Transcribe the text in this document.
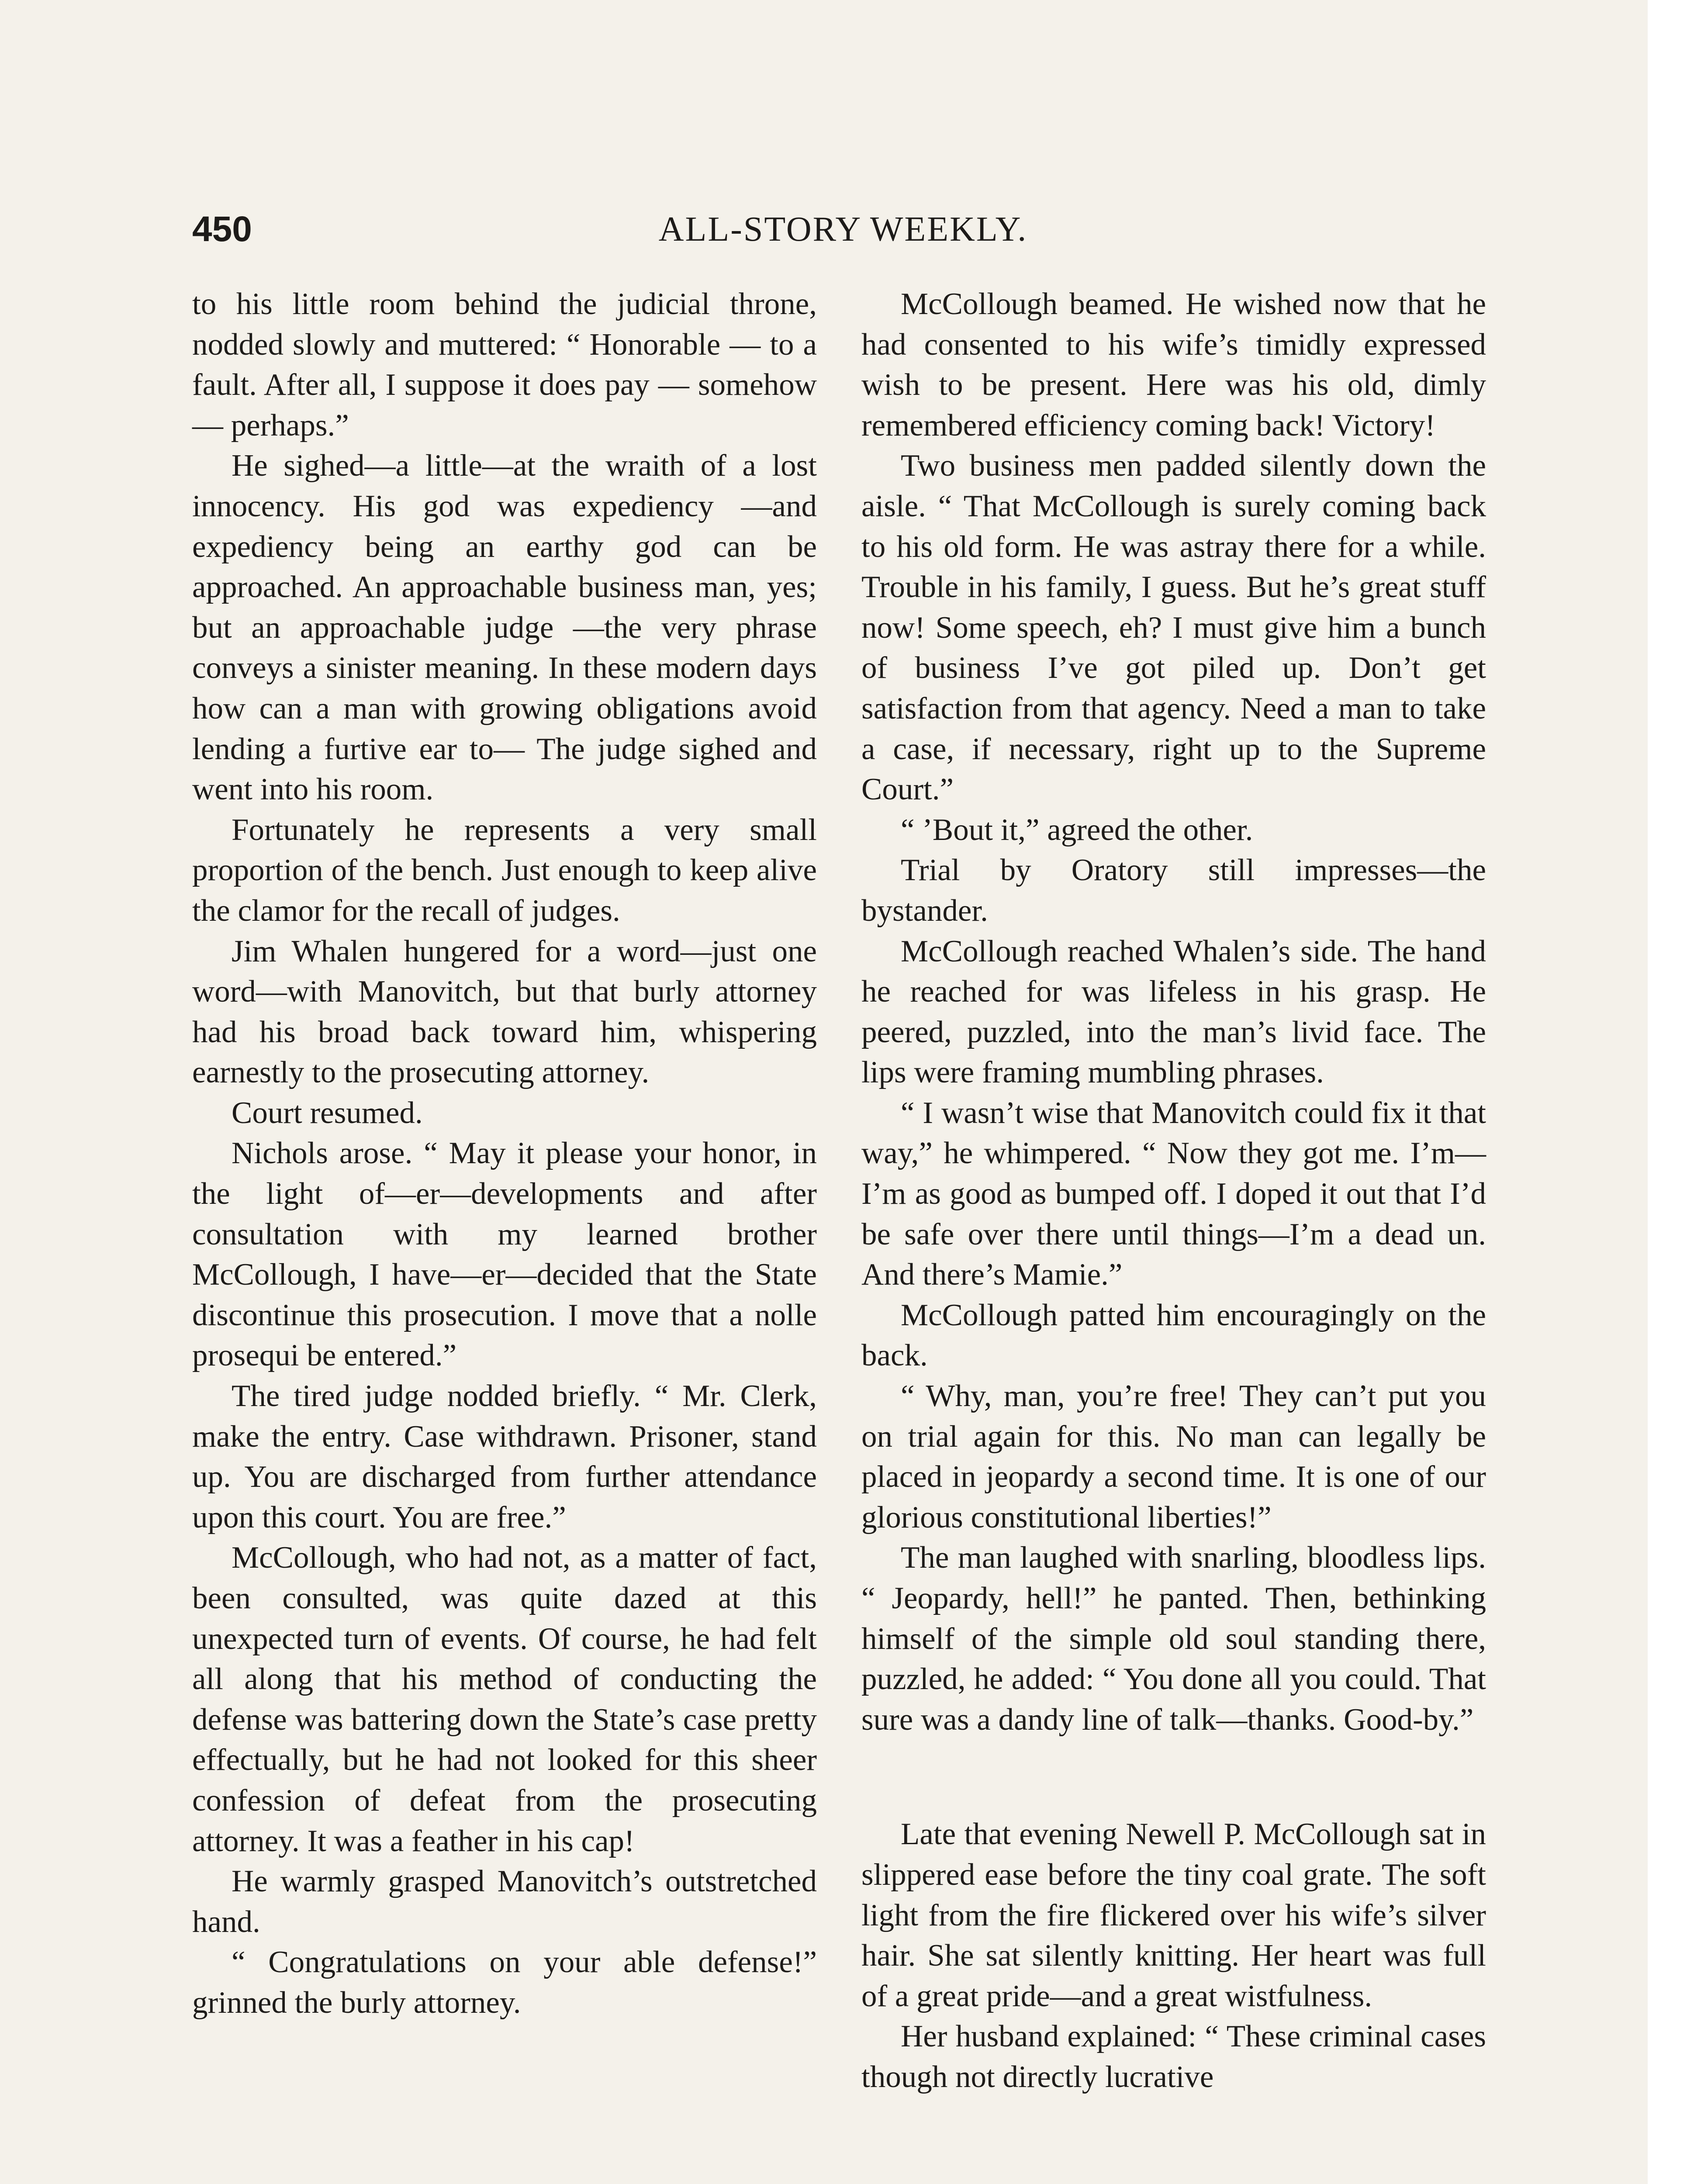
450	ALL-STORY WEEKLY.

to his little room behind the judicial throne, nodded slowly and muttered: “ Honorable — to a fault. After all, I suppose it does pay — somehow — perhaps.”

He sighed—a little—at the wraith of a lost innocency. His god was expediency —and expediency being an earthy god can be approached. An approachable business man, yes; but an approachable judge —the very phrase conveys a sinister meaning. In these modern days how can a man with growing obligations avoid lending a furtive ear to— The judge sighed and went into his room.

Fortunately he represents a very small proportion of the bench. Just enough to keep alive the clamor for the recall of judges.

Jim Whalen hungered for a word—just one word—with Manovitch, but that burly attorney had his broad back toward him, whispering earnestly to the prosecuting attorney.

Court resumed.

Nichols arose. “ May it please your honor, in the light of—er—developments and after consultation with my learned brother McCollough, I have—er—decided that the State discontinue this prosecution. I move that a nolle prosequi be entered.”

The tired judge nodded briefly. “ Mr. Clerk, make the entry. Case withdrawn. Prisoner, stand up. You are discharged from further attendance upon this court. You are free.”

McCollough, who had not, as a matter of fact, been consulted, was quite dazed at this unexpected turn of events. Of course, he had felt all along that his method of conducting the defense was battering down the State’s case pretty effectually, but he had not looked for this sheer confession of defeat from the prosecuting attorney. It was a feather in his cap!

He warmly grasped Manovitch’s outstretched hand.

“ Congratulations on your able defense!” grinned the burly attorney.

McCollough beamed. He wished now that he had consented to his wife’s timidly expressed wish to be present. Here was his old, dimly remembered efficiency coming back! Victory!

Two business men padded silently down the aisle. “ That McCollough is surely coming back to his old form. He was astray there for a while. Trouble in his family, I guess. But he’s great stuff now! Some speech, eh? I must give him a bunch of business I’ve got piled up. Don’t get satisfaction from that agency. Need a man to take a case, if necessary, right up to the Supreme Court.”

“ ’Bout it,” agreed the other.

Trial by Oratory still impresses—the bystander.

McCollough reached Whalen’s side. The hand he reached for was lifeless in his grasp. He peered, puzzled, into the man’s livid face. The lips were framing mumbling phrases.

“ I wasn’t wise that Manovitch could fix it that way,” he whimpered. “ Now they got me. I’m—I’m as good as bumped off. I doped it out that I’d be safe over there until things—I’m a dead un. And there’s Mamie.”

McCollough patted him encouragingly on the back.

“ Why, man, you’re free! They can’t put you on trial again for this. No man can legally be placed in jeopardy a second time. It is one of our glorious constitutional liberties!”

The man laughed with snarling, bloodless lips. “ Jeopardy, hell!” he panted. Then, bethinking himself of the simple old soul standing there, puzzled, he added: “ You done all you could. That sure was a dandy line of talk—thanks. Good-by.”

Late that evening Newell P. McCollough sat in slippered ease before the tiny coal grate. The soft light from the fire flickered over his wife’s silver hair. She sat silently knitting. Her heart was full of a great pride—and a great wistfulness.

Her husband explained: “ These criminal cases though not directly lucrative
